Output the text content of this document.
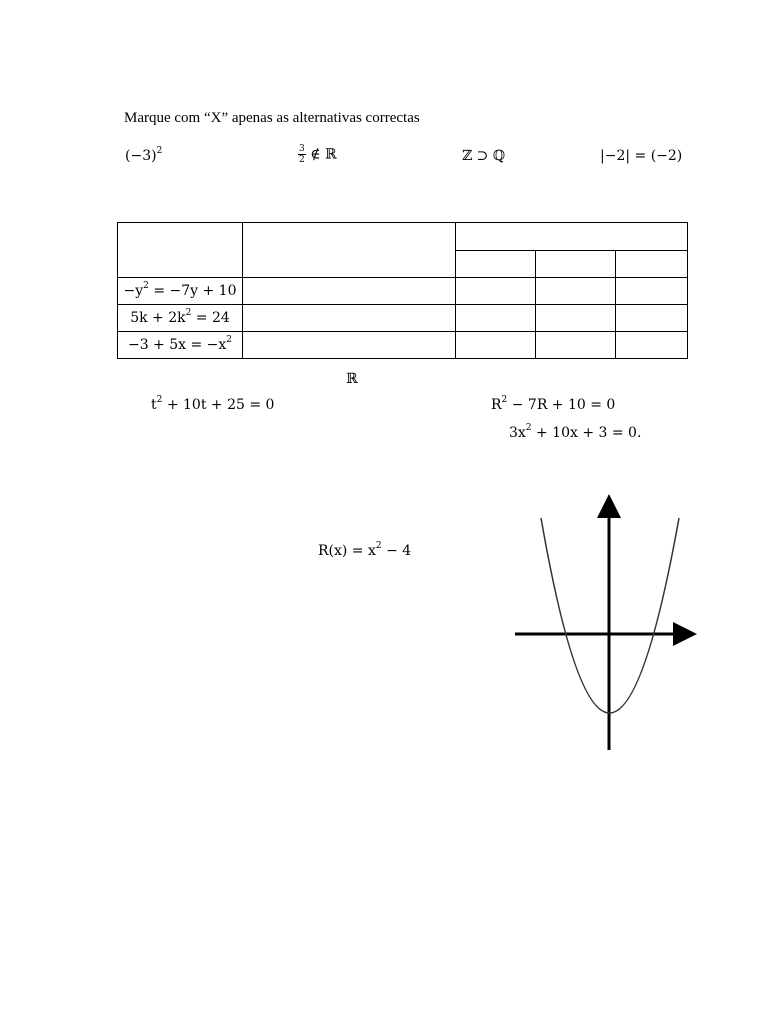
Marque com “X” apenas as alternativas correctas
$(-3)^2$	$\frac{3}{2}$ ∉ ℝ	ℤ ⊃ ℚ	|−2| = (−2)

$-y^2 = -7y + 10$				
$5k + 2k^2 = 24$				
$-3 + 5x = -x^2$				
ℝ
$t^2 + 10t + 25 = 0$	$R^2 - 7R + 10 = 0$
$3x^2 + 10x + 3 = 0$.
$R(x) = x^2 - 4$
